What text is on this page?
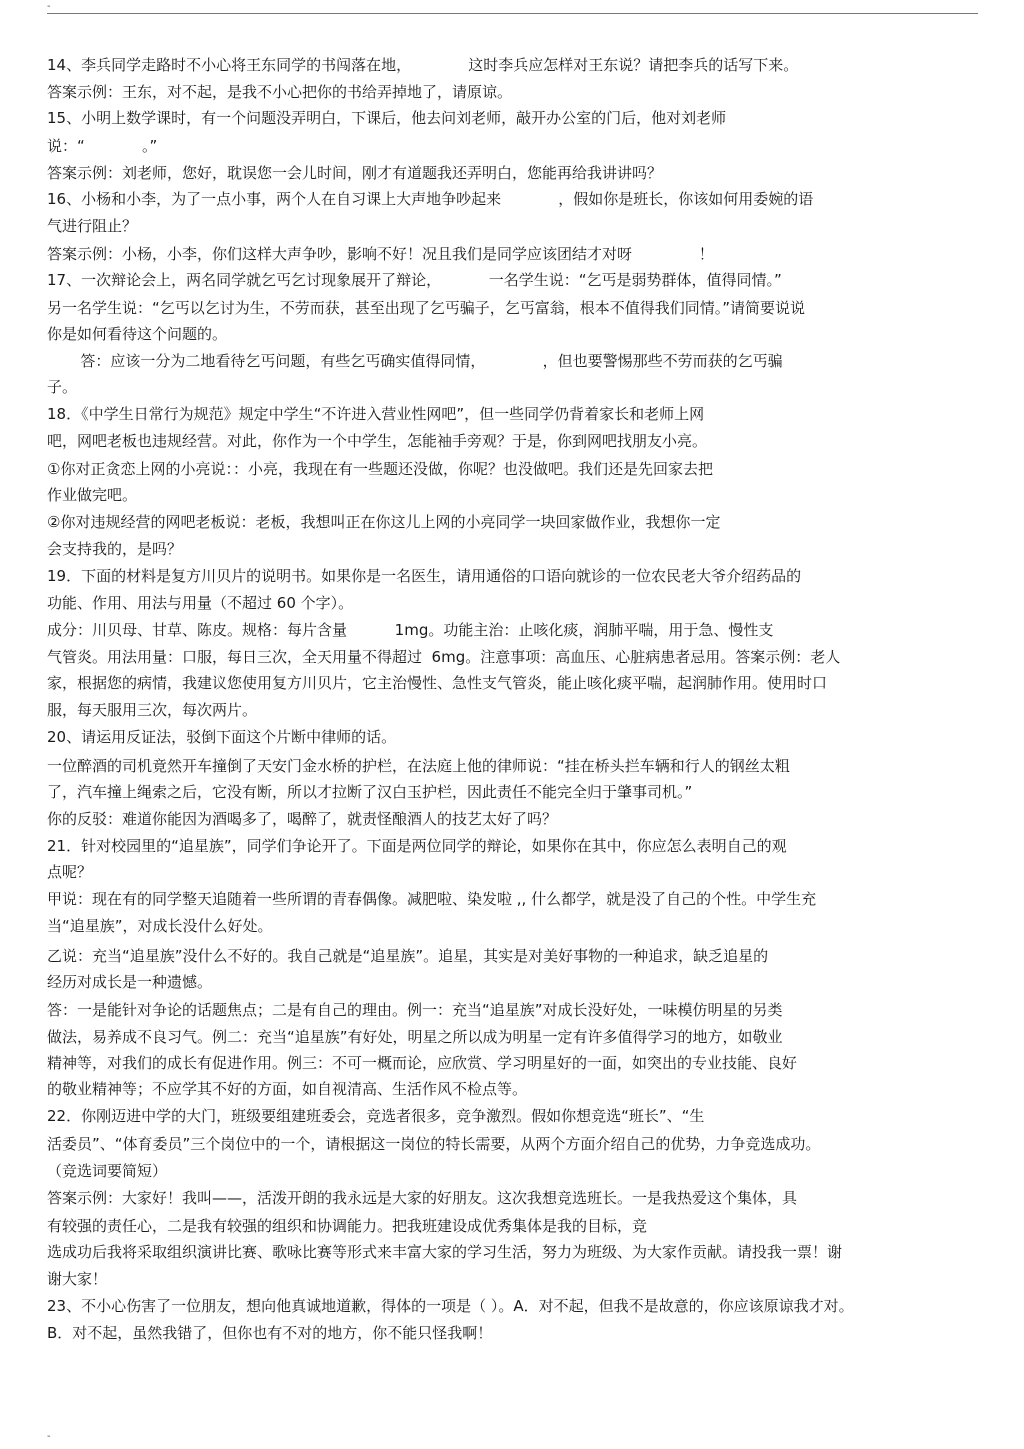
-
14、李兵同学走路时不小心将王东同学的书闯落在地，            这时李兵应怎样对王东说？请把李兵的话写下来。
答案示例：王东，对不起，是我不小心把你的书给弄掉地了，请原谅。
15、小明上数学课时，有一个问题没弄明白，下课后，他去问刘老师，敲开办公室的门后，他对刘老师
说：“            。”
答案示例：刘老师，您好，耽误您一会儿时间，刚才有道题我还弄明白，您能再给我讲讲吗？
16、小杨和小李，为了一点小事，两个人在自习课上大声地争吵起来            ，假如你是班长，你该如何用委婉的语
气进行阻止？
答案示例：小杨，小李，你们这样大声争吵，影响不好！况且我们是同学应该团结才对呀              ！
17、一次辩论会上，两名同学就乞丐乞讨现象展开了辩论，          一名学生说：“乞丐是弱势群体，值得同情。”
另一名学生说：“乞丐以乞讨为生，不劳而获，甚至出现了乞丐骗子，乞丐富翁，根本不值得我们同情。”请简要说说
你是如何看待这个问题的。
答：应该一分为二地看待乞丐问题，有些乞丐确实值得同情，            ，但也要警惕那些不劳而获的乞丐骗
子。
18．《中学生日常行为规范》规定中学生“不许进入营业性网吧”，但一些同学仍背着家长和老师上网
吧，网吧老板也违规经营。对此，你作为一个中学生，怎能袖手旁观？于是，你到网吧找朋友小亮。
①你对正贪恋上网的小亮说：：小亮，我现在有一些题还没做，你呢？也没做吧。我们还是先回家去把
作业做完吧。
②你对违规经营的网吧老板说：老板，我想叫正在你这儿上网的小亮同学一块回家做作业，我想你一定
会支持我的，是吗？
19．下面的材料是复方川贝片的说明书。如果你是一名医生，请用通俗的口语向就诊的一位农民老大爷介绍药品的
功能、作用、用法与用量（不超过 60 个字）。
成分：川贝母、甘草、陈皮。规格：每片含量          1mg。功能主治：止咳化痰，润肺平喘，用于急、慢性支
气管炎。用法用量：口服，每日三次，全天用量不得超过  6mg。注意事项：高血压、心脏病患者忌用。答案示例：老人
家，根据您的病情，我建议您使用复方川贝片，它主治慢性、急性支气管炎，能止咳化痰平喘，起润肺作用。使用时口
服，每天服用三次，每次两片。
20、请运用反证法，驳倒下面这个片断中律师的话。
一位醉酒的司机竟然开车撞倒了天安门金水桥的护栏，在法庭上他的律师说：“挂在桥头拦车辆和行人的钢丝太粗
了，汽车撞上绳索之后，它没有断，所以才拉断了汉白玉护栏，因此责任不能完全归于肇事司机。”
你的反驳：难道你能因为酒喝多了，喝醉了，就责怪酿酒人的技艺太好了吗？
21．针对校园里的“追星族”，同学们争论开了。下面是两位同学的辩论，如果你在其中，你应怎么表明自己的观
点呢？
甲说：现在有的同学整天追随着一些所谓的青春偶像。减肥啦、染发啦 ,, 什么都学，就是没了自己的个性。中学生充
当“追星族”，对成长没什么好处。
乙说：充当“追星族”没什么不好的。我自己就是“追星族”。追星，其实是对美好事物的一种追求，缺乏追星的
经历对成长是一种遗憾。
答：一是能针对争论的话题焦点；二是有自己的理由。例一：充当“追星族”对成长没好处，一味模仿明星的另类
做法，易养成不良习气。例二：充当“追星族”有好处，明星之所以成为明星一定有许多值得学习的地方，如敬业
精神等，对我们的成长有促进作用。例三：不可一概而论，应欣赏、学习明星好的一面，如突出的专业技能、良好
的敬业精神等；不应学其不好的方面，如自视清高、生活作风不检点等。
22．你刚迈进中学的大门，班级要组建班委会，竞选者很多，竞争激烈。假如你想竞选“班长”、“生
活委员”、“体育委员”三个岗位中的一个，请根据这一岗位的特长需要，从两个方面介绍自己的优势，力争竞选成功。
（竞选词要简短）
答案示例：大家好！我叫——，活泼开朗的我永远是大家的好朋友。这次我想竞选班长。一是我热爱这个集体，具
有较强的责任心，二是我有较强的组织和协调能力。把我班建设成优秀集体是我的目标，竞
选成功后我将采取组织演讲比赛、歌咏比赛等形式来丰富大家的学习生活，努力为班级、为大家作贡献。请投我一票！谢
谢大家！
23、不小心伤害了一位朋友，想向他真诚地道歉，得体的一项是（ ）。A．对不起，但我不是故意的，你应该原谅我才对。
B．对不起，虽然我错了，但你也有不对的地方，你不能只怪我啊！
-
